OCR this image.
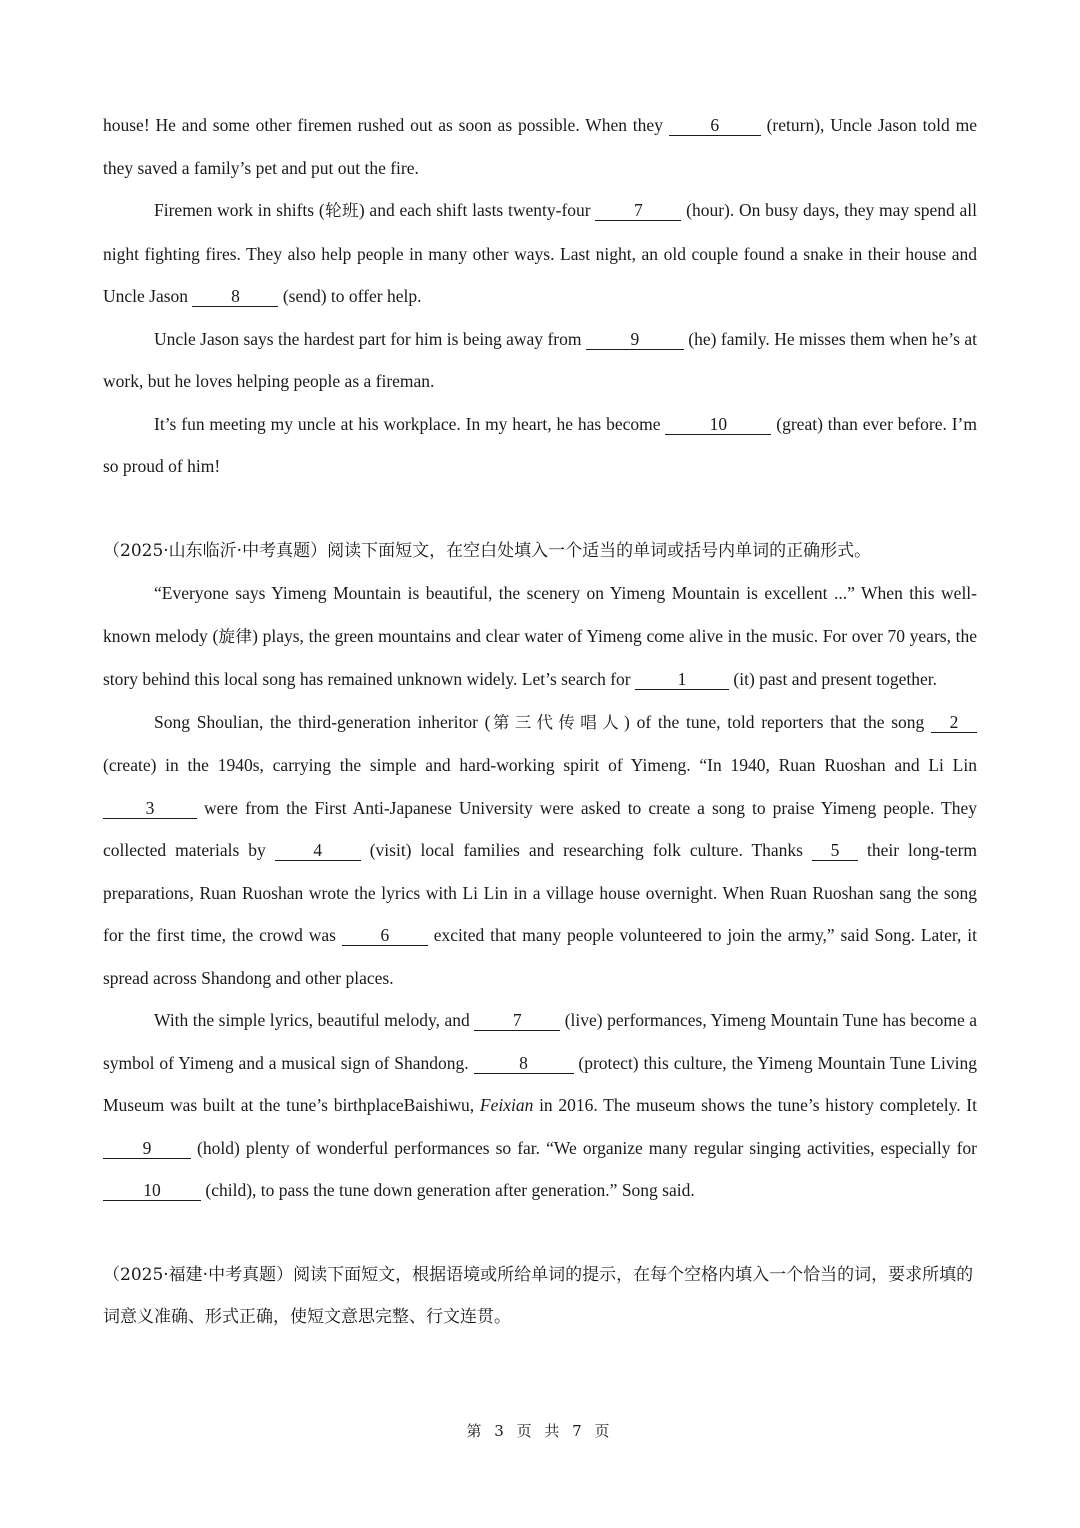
house! He and some other firemen rushed out as soon as possible. When they 6 (return), Uncle Jason told me they saved a family’s pet and put out the fire.

Firemen work in shifts (轮班) and each shift lasts twenty-four 7 (hour). On busy days, they may spend all night fighting fires. They also help people in many other ways. Last night, an old couple found a snake in their house and Uncle Jason 8 (send) to offer help.

Uncle Jason says the hardest part for him is being away from	9	(he) family. He misses them when he’s at work, but he loves helping people as a fireman.

It’s fun meeting my uncle at his workplace. In my heart, he has become	10	(great) than ever before. I’m so proud of him!

（2025·山东临沂·中考真题）阅读下面短文，在空白处填入一个适当的单词或括号内单词的正确形式。

“Everyone says Yimeng Mountain is beautiful, the scenery on Yimeng Mountain is excellent ...” When this well-known melody (旋律) plays, the green mountains and clear water of Yimeng come alive in the music. For over 70 years, the story behind this local song has remained unknown widely. Let’s search for 1 (it) past and present together.

Song Shoulian, the third-generation inheritor (第三代传唱人) of the tune, told reporters that the song 2 (create) in the 1940s, carrying the simple and hard-working spirit of Yimeng. “In 1940, Ruan Ruoshan and Li Lin 3 were from the First Anti-Japanese University were asked to create a song to praise Yimeng people. They collected materials by 4 (visit) local families and researching folk culture. Thanks 5 their long-term preparations, Ruan Ruoshan wrote the lyrics with Li Lin in a village house overnight. When Ruan Ruoshan sang the song for the first time, the crowd was 6 excited that many people volunteered to join the army,” said Song. Later, it spread across Shandong and other places.

With the simple lyrics, beautiful melody, and 7 (live) performances, Yimeng Mountain Tune has become a symbol of Yimeng and a musical sign of Shandong.	8	(protect) this culture, the Yimeng Mountain Tune Living Museum was built at the tune’s birthplaceBaishiwu, Feixian in 2016. The museum shows the tune’s history completely. It 9 (hold) plenty of wonderful performances so far. “We organize many regular singing activities, especially for 10 (child), to pass the tune down generation after generation.” Song said.

（2025·福建·中考真题）阅读下面短文，根据语境或所给单词的提示，在每个空格内填入一个恰当的词，要求所填的词意义准确、形式正确，使短文意思完整、行文连贯。

第 3 页 共 7 页
